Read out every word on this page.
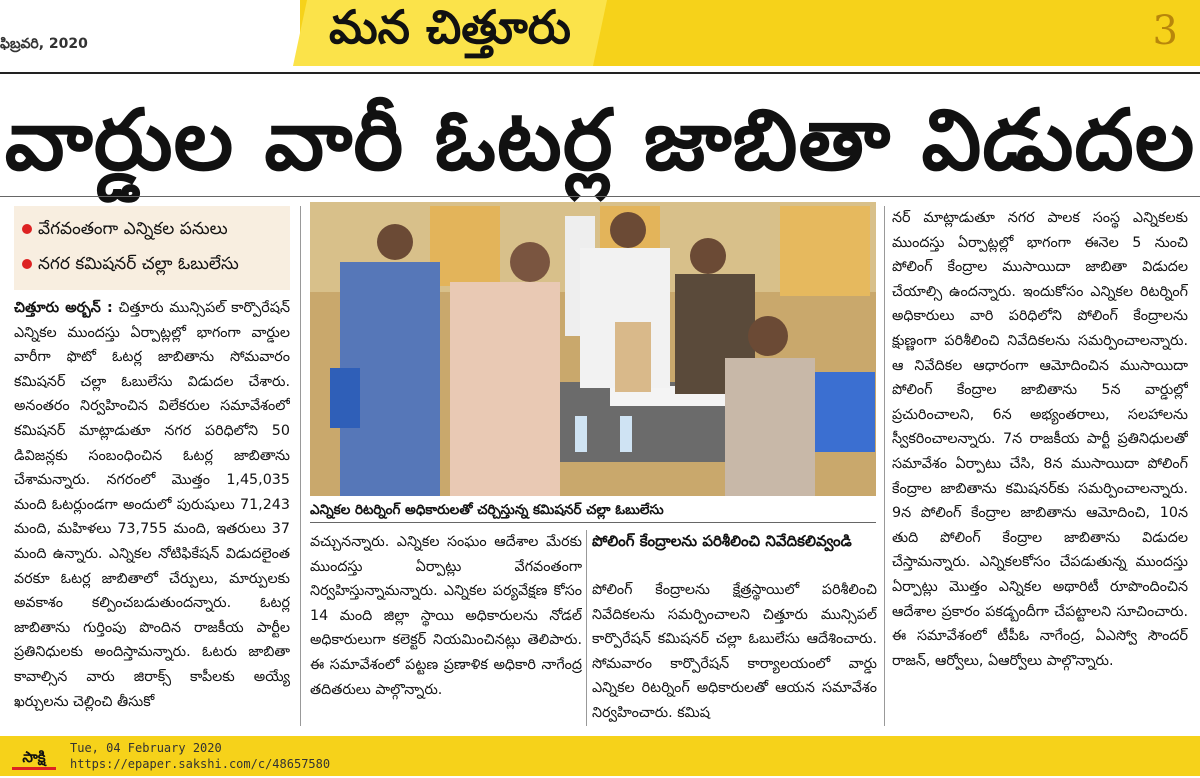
ఫిబ్రవరి, 2020	మన చిత్తూరు	3
వార్డుల వారీ ఓటర్ల జాబితా విడుదల
వేగవంతంగా ఎన్నికల పనులు
నగర కమిషనర్ చల్లా ఓబులేసు

చిత్తూరు అర్బన్ : చిత్తూరు మున్సిపల్ కార్పొరేషన్ ఎన్నికల ముందస్తు ఏర్పాట్లల్లో భాగంగా వార్డుల వారీగా ఫొటో ఓటర్ల జాబితాను సోమవారం కమిషనర్ చల్లా ఓబులేసు విడుదల చేశారు. అనంతరం నిర్వహించిన విలేకరుల సమావేశంలో కమిషనర్ మాట్లాడుతూ నగర పరిధిలోని 50 డివిజన్లకు సంబంధించిన ఓటర్ల జాబితాను చేశామన్నారు. నగరంలో మొత్తం 1,45,035 మంది ఓటర్లుండగా అందులో పురుషులు 71,243 మంది, మహిళలు 73,755 మంది, ఇతరులు 37 మంది ఉన్నారు. ఎన్నికల నోటిఫికేషన్ విడుదలైంత వరకూ ఓటర్ల జాబితాలో చేర్పులు, మార్పులకు అవకాశం కల్పించబడుతుందన్నారు. ఓటర్ల జాబితాను గుర్తింపు పొందిన రాజకీయ పార్టీల ప్రతినిధులకు అందిస్తామన్నారు. ఓటరు జాబితా కావాల్సిన వారు జిరాక్స్ కాపీలకు అయ్యే ఖర్చులను చెల్లించి తీసుకో

ఎన్నికల రిటర్నింగ్ అధికారులతో చర్చిస్తున్న కమిషనర్ చల్లా ఓబులేసు

వచ్చునన్నారు. ఎన్నికల సంఘం ఆదేశాల మేరకు ముందస్తు ఏర్పాట్లు వేగవంతంగా నిర్వహిస్తున్నామన్నారు. ఎన్నికల పర్యవేక్షణ కోసం 14 మంది జిల్లా స్థాయి అధికారులను నోడల్ అధికారులుగా కలెక్టర్ నియమించినట్లు తెలిపారు. ఈ సమావేశంలో పట్టణ ప్రణాళిక అధికారి నాగేంద్ర తదితరులు పాల్గొన్నారు.

పోలింగ్ కేంద్రాలను పరిశీలించి నివేదికలివ్వండి

పోలింగ్ కేంద్రాలను క్షేత్రస్థాయిలో పరిశీలించి నివేదికలను సమర్పించాలని చిత్తూరు మున్సిపల్ కార్పొరేషన్ కమిషనర్ చల్లా ఓబులేసు ఆదేశించారు. సోమవారం కార్పొరేషన్ కార్యాలయంలో వార్డు ఎన్నికల రిటర్నింగ్ అధికారులతో ఆయన సమావేశం నిర్వహించారు. కమిష

నర్ మాట్లాడుతూ నగర పాలక సంస్థ ఎన్నికలకు ముందస్తు ఏర్పాట్లల్లో భాగంగా ఈనెల 5 నుంచి పోలింగ్ కేంద్రాల ముసాయిదా జాబితా విడుదల చేయాల్సి ఉందన్నారు. ఇందుకోసం ఎన్నికల రిటర్నింగ్ అధికారులు వారి పరిధిలోని పోలింగ్ కేంద్రాలను క్షుణ్ణంగా పరిశీలించి నివేదికలను సమర్పించాలన్నారు. ఆ నివేదికల ఆధారంగా ఆమోదించిన ముసాయిదా పోలింగ్ కేంద్రాల జాబితాను 5న వార్డుల్లో ప్రచురించాలని, 6న అభ్యంతరాలు, సలహాలను స్వీకరించాలన్నారు. 7న రాజకీయ పార్టీ ప్రతినిధులతో సమావేశం ఏర్పాటు చేసి, 8న ముసాయిదా పోలింగ్ కేంద్రాల జాబితాను కమిషనర్‌కు సమర్పించాలన్నారు. 9న పోలింగ్ కేంద్రాల జాబితాను ఆమోదించి, 10న తుది పోలింగ్ కేంద్రాల జాబితాను విడుదల చేస్తామన్నారు. ఎన్నికలకోసం చేపడుతున్న ముందస్తు ఏర్పాట్లు మొత్తం ఎన్నికల అథారిటీ రూపొందించిన ఆదేశాల ప్రకారం పకడ్బందీగా చేపట్టాలని సూచించారు. ఈ సమావేశంలో టీపీఓ నాగేంద్ర, ఏఎస్వో సౌందర్ రాజన్, ఆర్వోలు, ఏఆర్వోలు పాల్గొన్నారు.

సాక్షి Tue, 04 February 2020
https://epaper.sakshi.com/c/48657580
